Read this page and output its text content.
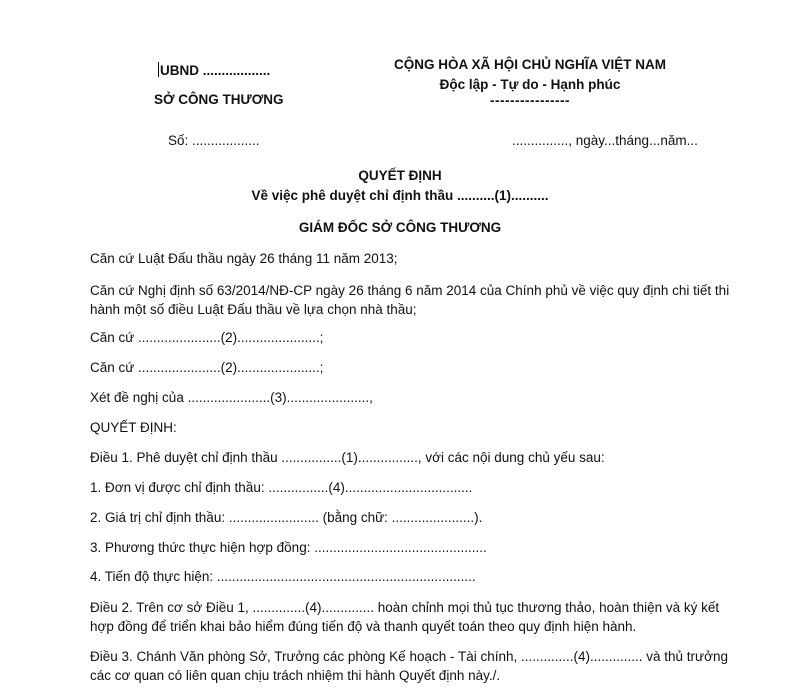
UBND ..................
SỞ CÔNG THƯƠNG
CỘNG HÒA XÃ HỘI CHỦ NGHĨA VIỆT NAM
Độc lập - Tự do - Hạnh phúc
----------------
Số: ..................	..............., ngày...tháng...năm...
QUYẾT ĐỊNH
Về việc phê duyệt chỉ định thầu ..........(1)..........
GIÁM ĐỐC SỞ CÔNG THƯƠNG
Căn cứ Luật Đấu thầu ngày 26 tháng 11 năm 2013;
Căn cứ Nghị định số 63/2014/NĐ-CP ngày 26 tháng 6 năm 2014 của Chính phủ về việc quy định chi tiết thi hành một số điều Luật Đấu thầu về lựa chọn nhà thầu;
Căn cứ ......................(2)......................;
Căn cứ ......................(2)......................;
Xét đề nghị của ......................(3)......................,
QUYẾT ĐỊNH:
Điều 1. Phê duyệt chỉ định thầu ................(1)................, với các nội dung chủ yếu sau:
1. Đơn vị được chỉ định thầu: ................(4)..................................
2. Giá trị chỉ định thầu: ........................ (bằng chữ: ......................).
3. Phương thức thực hiện hợp đồng: ..............................................
4. Tiến độ thực hiện: .....................................................................
Điều 2. Trên cơ sở Điều 1, ..............(4).............. hoàn chỉnh mọi thủ tục thương thảo, hoàn thiện và ký kết hợp đồng để triển khai bảo hiểm đúng tiến độ và thanh quyết toán theo quy định hiện hành.
Điều 3. Chánh Văn phòng Sở, Trưởng các phòng Kế hoạch - Tài chính, ..............(4).............. và thủ trưởng các cơ quan có liên quan chịu trách nhiệm thi hành Quyết định này./.
